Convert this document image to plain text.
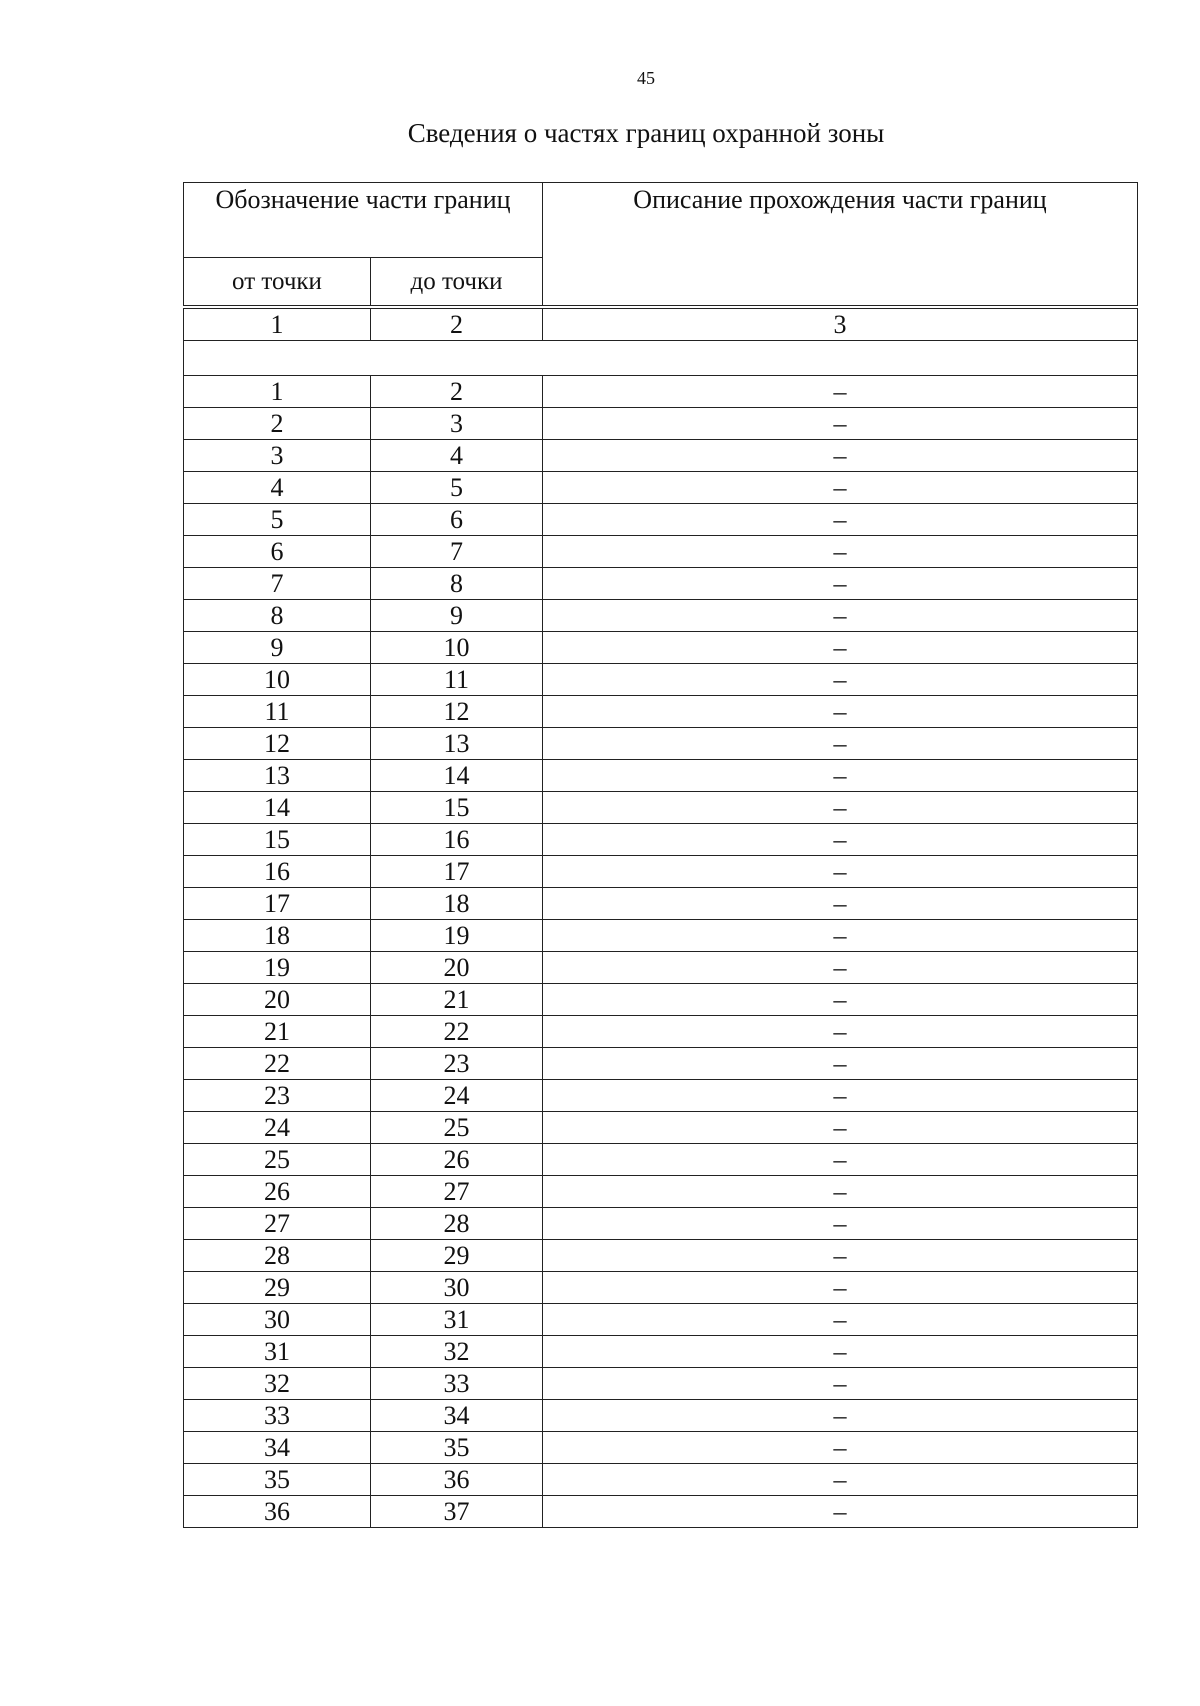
45
Сведения о частях границ охранной зоны
Обозначение части границ		Описание прохождения части границ
от точки	до точки	

1	2	3

1	2	–
2	3	–
3	4	–
4	5	–
5	6	–
6	7	–
7	8	–
8	9	–
9	10	–
10	11	–
11	12	–
12	13	–
13	14	–
14	15	–
15	16	–
16	17	–
17	18	–
18	19	–
19	20	–
20	21	–
21	22	–
22	23	–
23	24	–
24	25	–
25	26	–
26	27	–
27	28	–
28	29	–
29	30	–
30	31	–
31	32	–
32	33	–
33	34	–
34	35	–
35	36	–
36	37	–
